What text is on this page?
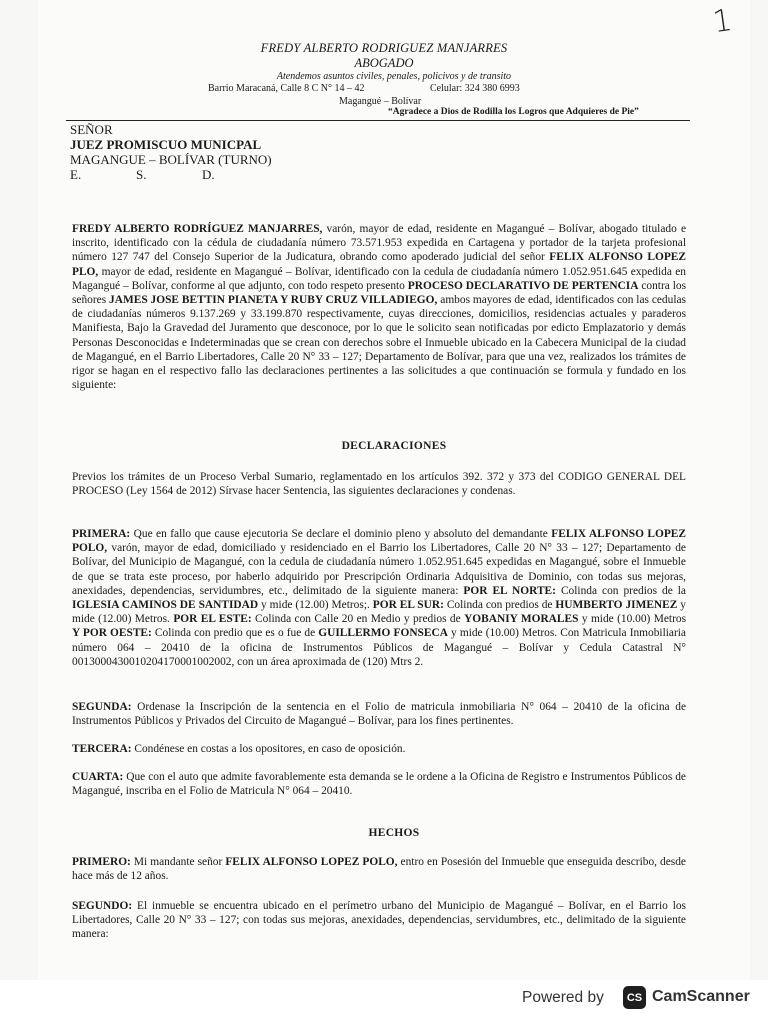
1
FREDY ALBERTO RODRIGUEZ MANJARRES
ABOGADO
Atendemos asuntos civiles, penales, policivos y de transito
Barrio Maracaná, Calle 8 C N° 14 – 42	Celular: 324 380 6993
Magangué – Bolívar
“Agradece a Dios de Rodilla los Logros que Adquieres de Pie”
SEÑOR
JUEZ PROMISCUO MUNICPAL
MAGANGUE – BOLÍVAR (TURNO)
E.	S.	D.
FREDY ALBERTO RODRÍGUEZ MANJARRES, varón, mayor de edad, residente en Magangué – Bolívar, abogado titulado e inscrito, identificado con la cédula de ciudadanía número 73.571.953 expedida en Cartagena y portador de la tarjeta profesional número 127 747 del Consejo Superior de la Judicatura, obrando como apoderado judicial del señor FELIX ALFONSO LOPEZ PLO, mayor de edad, residente en Magangué – Bolívar, identificado con la cedula de ciudadanía número 1.052.951.645 expedida en Magangué – Bolívar, conforme al que adjunto, con todo respeto presento PROCESO DECLARATIVO DE PERTENCIA contra los señores JAMES JOSE BETTIN PIANETA Y RUBY CRUZ VILLADIEGO, ambos mayores de edad, identificados con las cedulas de ciudadanías números 9.137.269 y 33.199.870 respectivamente, cuyas direcciones, domicilios, residencias actuales y paraderos Manifiesta, Bajo la Gravedad del Juramento que desconoce, por lo que le solicito sean notificadas por edicto Emplazatorio y demás Personas Desconocidas e Indeterminadas que se crean con derechos sobre el Inmueble ubicado en la Cabecera Municipal de la ciudad de Magangué, en el Barrio Libertadores, Calle 20 N° 33 – 127; Departamento de Bolívar, para que una vez, realizados los trámites de rigor se hagan en el respectivo fallo las declaraciones pertinentes a las solicitudes a que continuación se formula y fundado en los siguiente:
DECLARACIONES
Previos los trámites de un Proceso Verbal Sumario, reglamentado en los artículos 392. 372 y 373 del CODIGO GENERAL DEL PROCESO (Ley 1564 de 2012) Sírvase hacer Sentencia, las siguientes declaraciones y condenas.
PRIMERA: Que en fallo que cause ejecutoria Se declare el dominio pleno y absoluto del demandante FELIX ALFONSO LOPEZ POLO, varón, mayor de edad, domiciliado y residenciado en el Barrio los Libertadores, Calle 20 N° 33 – 127; Departamento de Bolívar, del Municipio de Magangué, con la cedula de ciudadanía número 1.052.951.645 expedidas en Magangué, sobre el Inmueble de que se trata este proceso, por haberlo adquirido por Prescripción Ordinaria Adquisitiva de Dominio, con todas sus mejoras, anexidades, dependencias, servidumbres, etc., delimitado de la siguiente manera: POR EL NORTE: Colinda con predios de la IGLESIA CAMINOS DE SANTIDAD y mide (12.00) Metros;. POR EL SUR: Colinda con predios de HUMBERTO JIMENEZ y mide (12.00) Metros. POR EL ESTE: Colinda con Calle 20 en Medio y predios de YOBANIY MORALES y mide (10.00) Metros Y POR OESTE: Colinda con predio que es o fue de GUILLERMO FONSECA y mide (10.00) Metros. Con Matricula Inmobiliaria número 064 – 20410 de la oficina de Instrumentos Públicos de Magangué – Bolívar y Cedula Catastral N° 0013000430010204170001002002, con un área aproximada de (120) Mtrs 2.
SEGUNDA: Ordenase la Inscripción de la sentencia en el Folio de matricula inmobiliaria N° 064 – 20410 de la oficina de Instrumentos Públicos y Privados del Circuito de Magangué – Bolívar, para los fines pertinentes.
TERCERA: Condénese en costas a los opositores, en caso de oposición.
CUARTA: Que con el auto que admite favorablemente esta demanda se le ordene a la Oficina de Registro e Instrumentos Públicos de Magangué, inscriba en el Folio de Matricula N° 064 – 20410.
HECHOS
PRIMERO: Mi mandante señor FELIX ALFONSO LOPEZ POLO, entro en Posesión del Inmueble que enseguida describo, desde hace más de 12 años.
SEGUNDO: El inmueble se encuentra ubicado en el perímetro urbano del Municipio de Magangué – Bolívar, en el Barrio los Libertadores, Calle 20 N° 33 – 127; con todas sus mejoras, anexidades, dependencias, servidumbres, etc., delimitado de la siguiente manera:
Powered by	CS CamScanner
